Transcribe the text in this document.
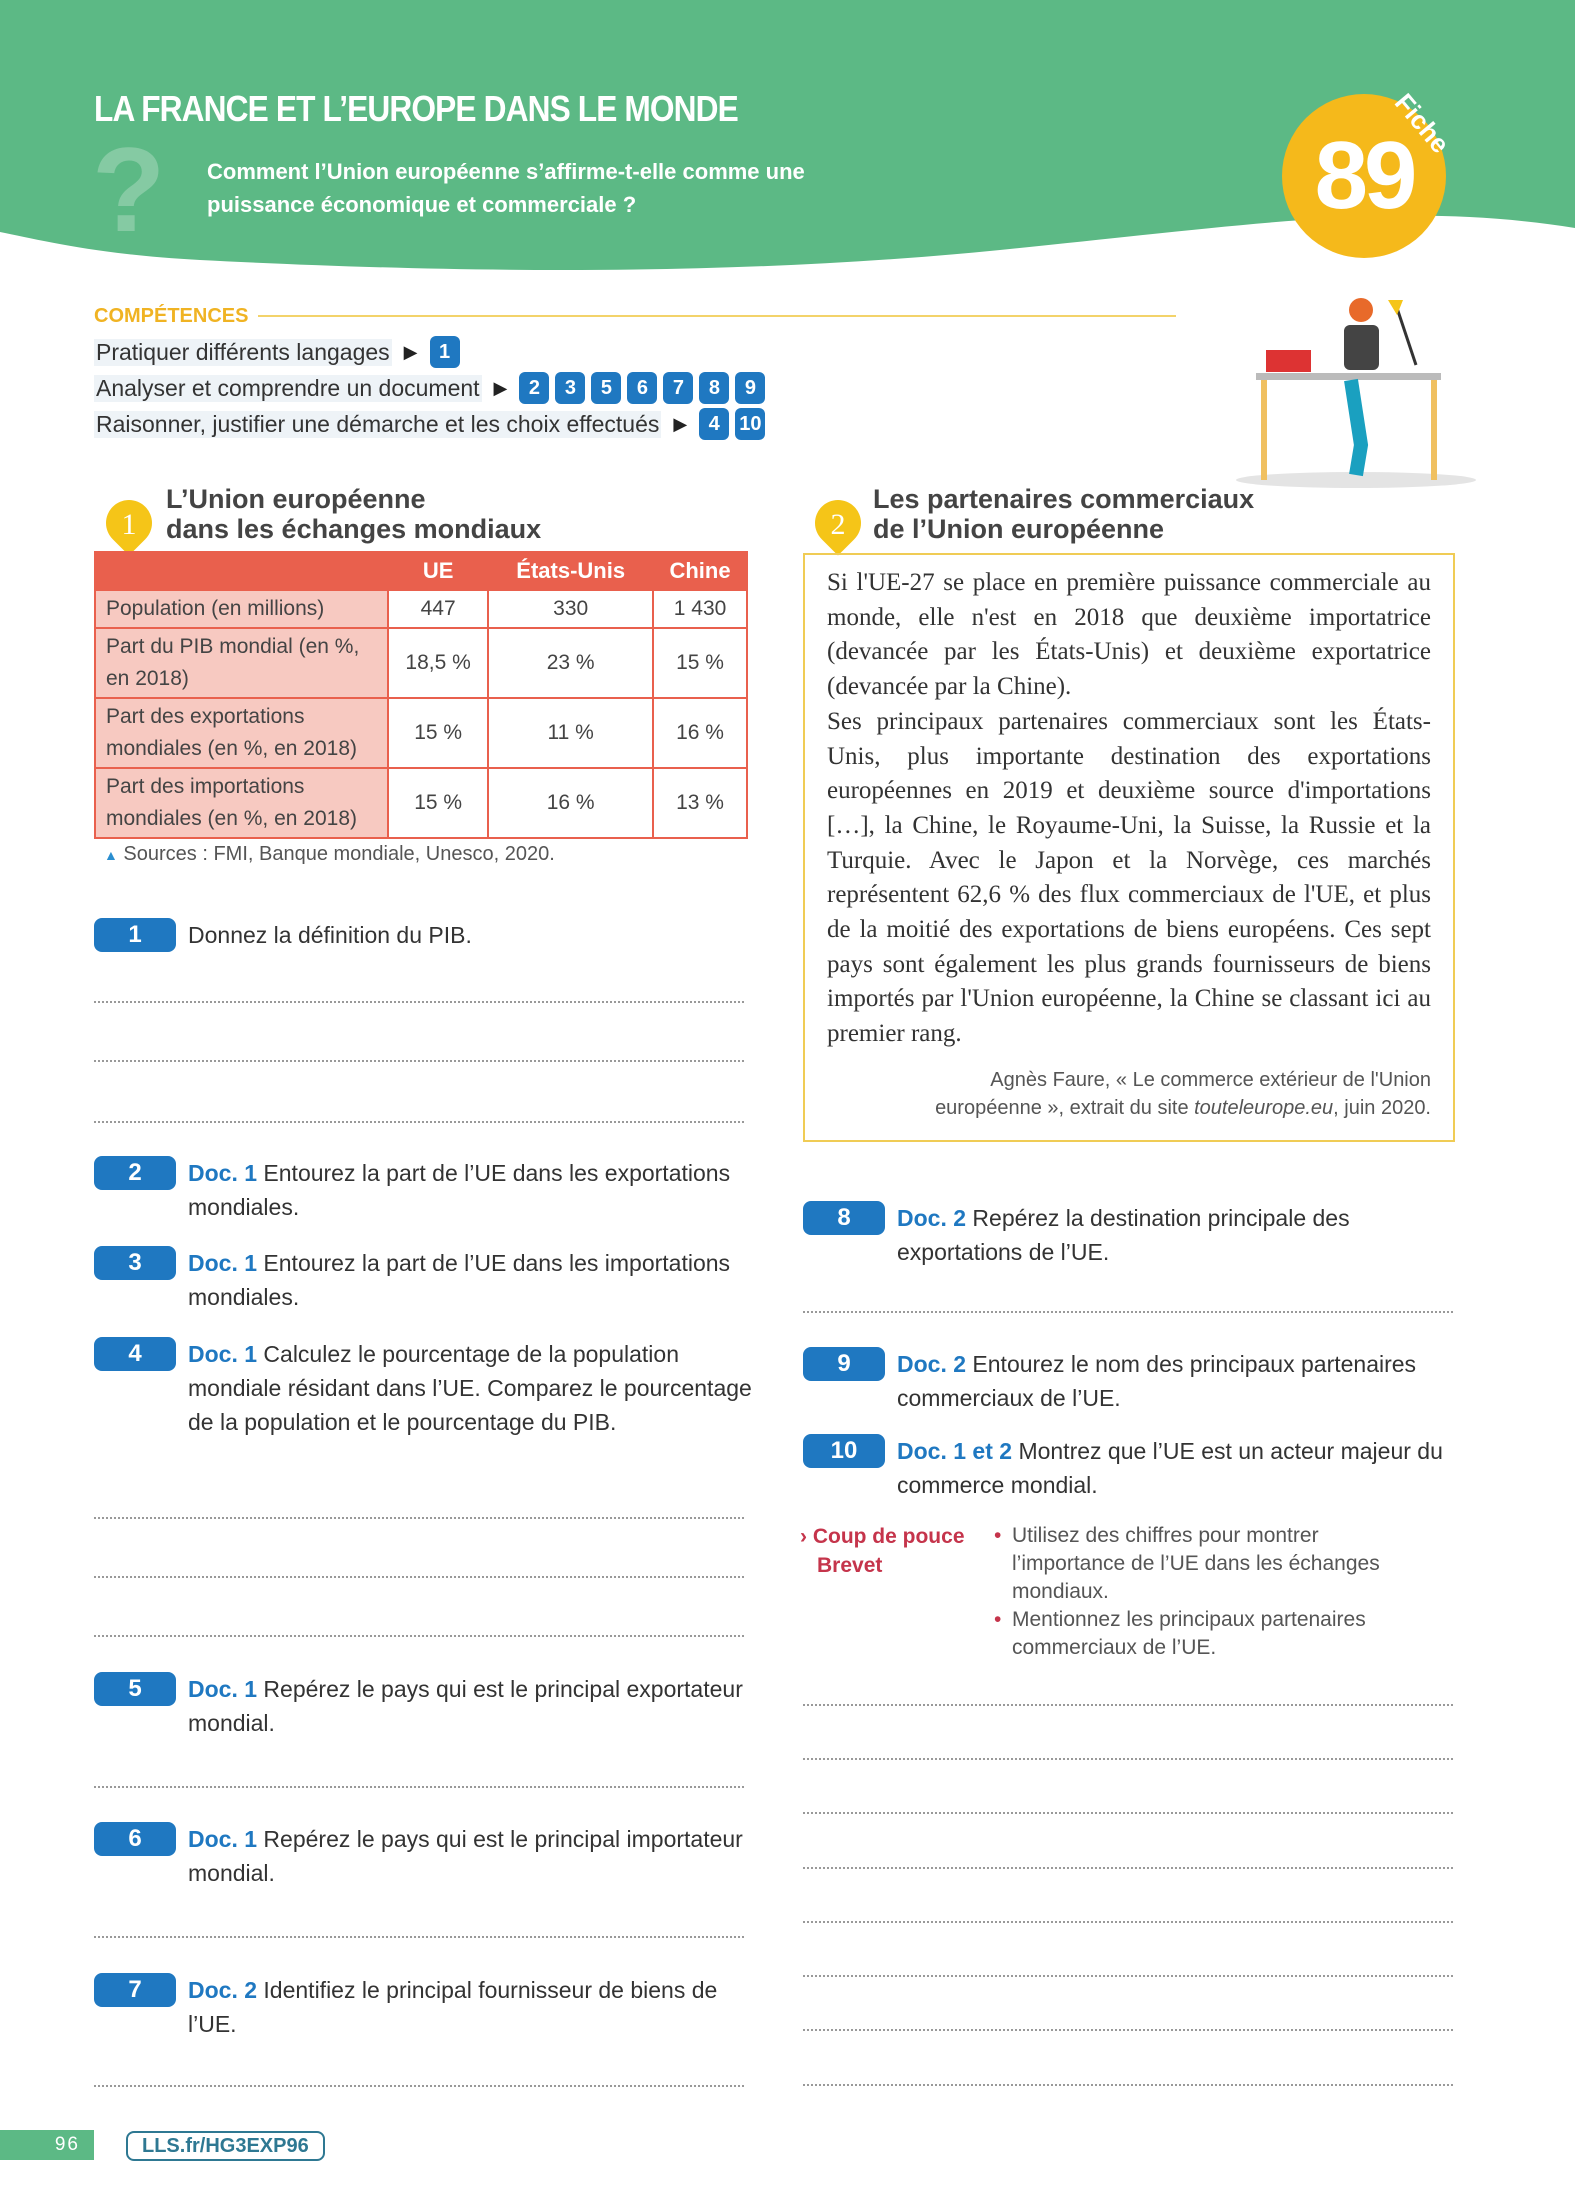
LA FRANCE ET L’EUROPE DANS LE MONDE
? Comment l’Union européenne s’affirme-t-elle comme une puissance économique et commerciale ?	89
Fiche
COMPÉTENCES
Pratiquer différents langages ▶	1
Analyser et comprendre un document ▶	2	3	5	6	7	8	9
Raisonner, justifier une démarche et les choix effectués ▶	4 10
1
L’Union européenne
dans les échanges mondiaux
	UE	États-Unis	Chine
Population (en millions)	447	330	1 430
Part du PIB mondial (en %, en 2018)	18,5 %	23 %	15 %
Part des exportations mondiales (en %, en 2018)	15 %	11 %	16 %
Part des importations mondiales (en %, en 2018)	15 %	16 %	13 %
▲ Sources : FMI, Banque mondiale, Unesco, 2020.
2
Les partenaires commerciaux
de l’Union européenne

Si l'UE-27 se place en première puissance commerciale au monde, elle n'est en 2018 que deuxième importatrice (devancée par les États-Unis) et deuxième exportatrice (devancée par la Chine).

Ses principaux partenaires commerciaux sont les États-Unis, plus importante destination des exportations européennes en 2019 et deuxième source d'importations […], la Chine, le Royaume-Uni, la Suisse, la Russie et la Turquie. Avec le Japon et la Norvège, ces marchés représentent 62,6 % des flux commerciaux de l'UE, et plus de la moitié des exportations de biens européens. Ces sept pays sont également les plus grands fournisseurs de biens importés par l'Union européenne, la Chine se classant ici au premier rang.

Agnès Faure, « Le commerce extérieur de l'Union
européenne », extrait du site touteleurope.eu, juin 2020.
1	Donnez la définition du PIB.
2	Doc. 1 Entourez la part de l’UE dans les exportations mondiales.
3	Doc. 1 Entourez la part de l’UE dans les importations mondiales.
4	Doc. 1 Calculez le pourcentage de la population mondiale résidant dans l’UE. Comparez le pourcentage de la population et le pourcentage du PIB.
5	Doc. 1 Repérez le pays qui est le principal exportateur mondial.
6	Doc. 1 Repérez le pays qui est le principal importateur mondial.
7	Doc. 2 Identifiez le principal fournisseur de biens de l’UE.
8	Doc. 2 Repérez la destination principale des exportations de l’UE.
9	Doc. 2 Entourez le nom des principaux partenaires commerciaux de l’UE.
10	Doc. 1 et 2 Montrez que l’UE est un acteur majeur du commerce mondial.
› Coup de pouce
Brevet
• Utilisez des chiffres pour montrer l’importance de l’UE dans les échanges mondiaux.
• Mentionnez les principaux partenaires commerciaux de l’UE.
96	LLS.fr/HG3EXP96
